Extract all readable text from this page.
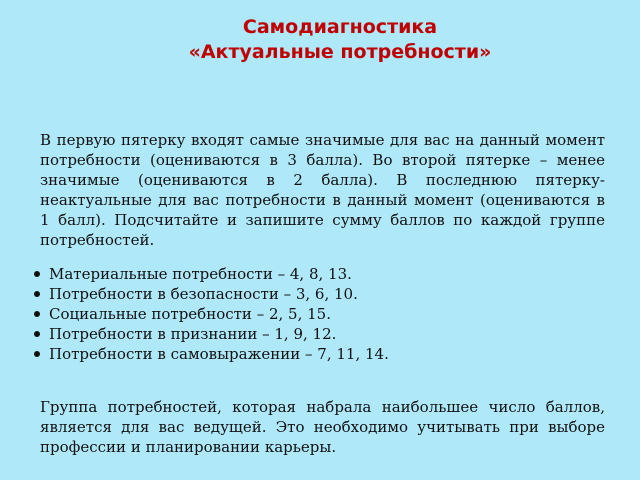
Самодиагностика
«Актуальные потребности»

В первую пятерку входят самые значимые для вас на данный момент потребности (оцениваются в 3 балла). Во второй пятерке – менее значимые (оцениваются в 2 балла). В последнюю пятерку- неактуальные для вас потребности в данный момент (оцениваются в 1 балл). Подсчитайте и запишите сумму баллов по каждой группе потребностей.

Материальные потребности – 4, 8, 13.
Потребности в безопасности – 3, 6, 10.
Социальные потребности – 2, 5, 15.
Потребности в признании – 1, 9, 12.
Потребности в самовыражении – 7, 11, 14.

Группа потребностей, которая набрала наибольшее число баллов, является для вас ведущей. Это необходимо учитывать при выборе профессии и планировании карьеры.
